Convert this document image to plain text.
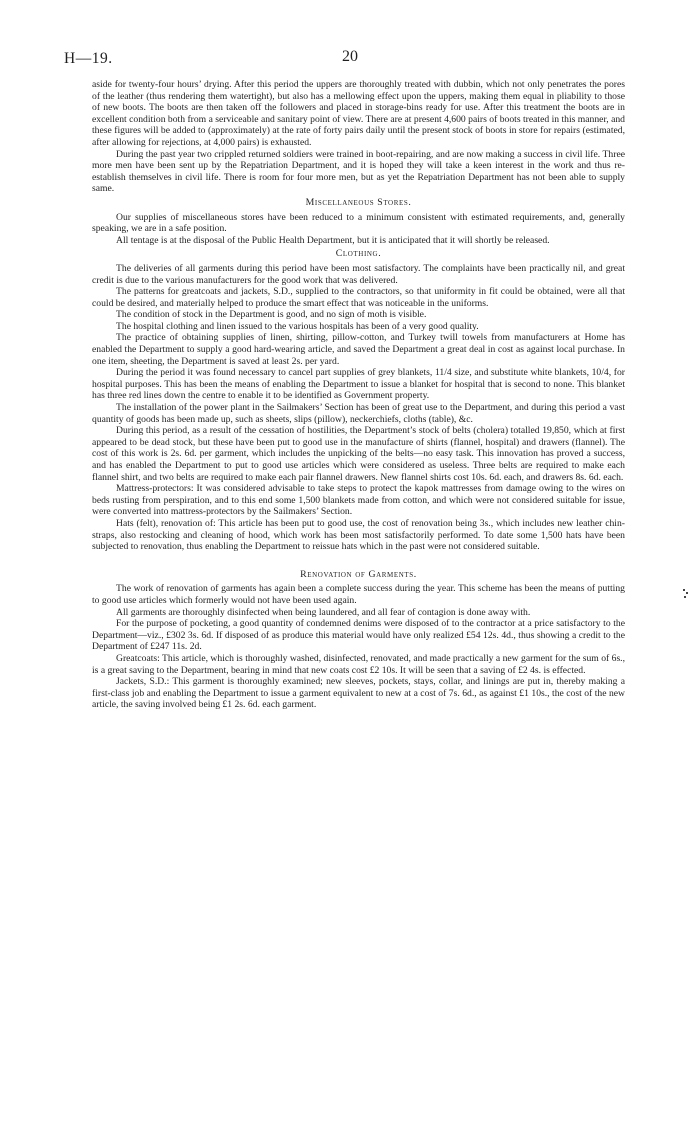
H—19.	20

aside for twenty-four hours’ drying. After this period the uppers are thoroughly treated with dubbin, which not only penetrates the pores of the leather (thus rendering them watertight), but also has a mellowing effect upon the uppers, making them equal in pliability to those of new boots. The boots are then taken off the followers and placed in storage-bins ready for use. After this treatment the boots are in excellent condition both from a serviceable and sanitary point of view. There are at present 4,600 pairs of boots treated in this manner, and these figures will be added to (approximately) at the rate of forty pairs daily until the present stock of boots in store for repairs (estimated, after allowing for rejections, at 4,000 pairs) is exhausted.

During the past year two crippled returned soldiers were trained in boot-repairing, and are now making a success in civil life. Three more men have been sent up by the Repatriation Department, and it is hoped they will take a keen interest in the work and thus re-establish themselves in civil life. There is room for four more men, but as yet the Repatriation Department has not been able to supply same.

Miscellaneous Stores.

Our supplies of miscellaneous stores have been reduced to a minimum consistent with estimated requirements, and, generally speaking, we are in a safe position.

All tentage is at the disposal of the Public Health Department, but it is anticipated that it will shortly be released.

Clothing.

The deliveries of all garments during this period have been most satisfactory. The complaints have been practically nil, and great credit is due to the various manufacturers for the good work that was delivered.

The patterns for greatcoats and jackets, S.D., supplied to the contractors, so that uniformity in fit could be obtained, were all that could be desired, and materially helped to produce the smart effect that was noticeable in the uniforms.

The condition of stock in the Department is good, and no sign of moth is visible.

The hospital clothing and linen issued to the various hospitals has been of a very good quality.

The practice of obtaining supplies of linen, shirting, pillow-cotton, and Turkey twill towels from manufacturers at Home has enabled the Department to supply a good hard-wearing article, and saved the Department a great deal in cost as against local purchase. In one item, sheeting, the Department is saved at least 2s. per yard.

During the period it was found necessary to cancel part supplies of grey blankets, 11/4 size, and substitute white blankets, 10/4, for hospital purposes. This has been the means of enabling the Department to issue a blanket for hospital that is second to none. This blanket has three red lines down the centre to enable it to be identified as Government property.

The installation of the power plant in the Sailmakers’ Section has been of great use to the Department, and during this period a vast quantity of goods has been made up, such as sheets, slips (pillow), neckerchiefs, cloths (table), &c.

During this period, as a result of the cessation of hostilities, the Department’s stock of belts (cholera) totalled 19,850, which at first appeared to be dead stock, but these have been put to good use in the manufacture of shirts (flannel, hospital) and drawers (flannel). The cost of this work is 2s. 6d. per garment, which includes the unpicking of the belts—no easy task. This innovation has proved a success, and has enabled the Department to put to good use articles which were considered as useless. Three belts are required to make each flannel shirt, and two belts are required to make each pair flannel drawers. New flannel shirts cost 10s. 6d. each, and drawers 8s. 6d. each.

Mattress-protectors: It was considered advisable to take steps to protect the kapok mattresses from damage owing to the wires on beds rusting from perspiration, and to this end some 1,500 blankets made from cotton, and which were not considered suitable for issue, were converted into mattress-protectors by the Sailmakers’ Section.

Hats (felt), renovation of: This article has been put to good use, the cost of renovation being 3s., which includes new leather chin-straps, also restocking and cleaning of hood, which work has been most satisfactorily performed. To date some 1,500 hats have been subjected to renovation, thus enabling the Department to reissue hats which in the past were not considered suitable.

Renovation of Garments.

The work of renovation of garments has again been a complete success during the year. This scheme has been the means of putting to good use articles which formerly would not have been used again.

All garments are thoroughly disinfected when being laundered, and all fear of contagion is done away with.

For the purpose of pocketing, a good quantity of condemned denims were disposed of to the contractor at a price satisfactory to the Department—viz., £302 3s. 6d. If disposed of as produce this material would have only realized £54 12s. 4d., thus showing a credit to the Department of £247 11s. 2d.

Greatcoats: This article, which is thoroughly washed, disinfected, renovated, and made practically a new garment for the sum of 6s., is a great saving to the Department, bearing in mind that new coats cost £2 10s. It will be seen that a saving of £2 4s. is effected.

Jackets, S.D.: This garment is thoroughly examined; new sleeves, pockets, stays, collar, and linings are put in, thereby making a first-class job and enabling the Department to issue a garment equivalent to new at a cost of 7s. 6d., as against £1 10s., the cost of the new article, the saving involved being £1 2s. 6d. each garment.
